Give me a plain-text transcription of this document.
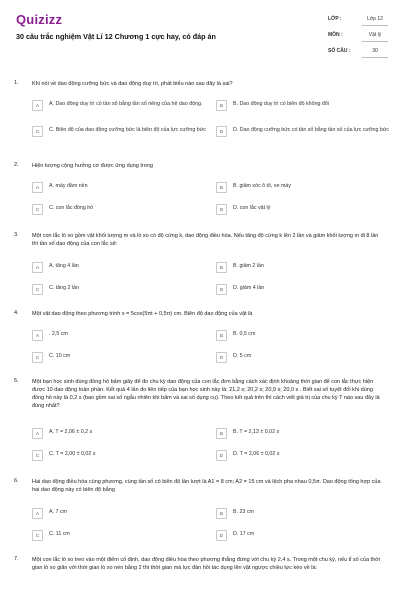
Quizizz
30 câu trắc nghiệm Vật Lí 12 Chương 1 cực hay, có đáp án
LỚP :	Lớp 12
MÔN :	Vật lý
SỐ CÂU :	30
1. Khi nói về dao động cưỡng bức và dao động duy trì, phát biểu nào sau đây là sai?
A	A. Dao động duy trì có tần số bằng tần số riêng của hệ dao động.	B	B. Dao động duy trì có biên độ không đổi
C	C. Biên độ của dao động cưỡng bức là biên độ của lực cưỡng bức	D	D. Dao động cưỡng bức có tần số bằng tần số của lực cưỡng bức
2. Hiện tượng cộng hưởng cơ được ứng dụng trong
A	A. máy đầm nền	B	B. giảm xóc ô tô, xe máy
C	C. con lắc đồng hồ	D	D. con lắc vật lý
3. Một con lắc lò xo gồm vật khối lượng m và lò xo có độ cứng k, dao động điều hòa. Nếu tăng độ cứng k lên 2 lần và giảm khối lượng m đi 8 lần thì tần số dao động của con lắc sẽ:
A	A. tăng 4 lần	B	B. giảm 2 lần
C	C. tăng 2 lần	D	D. giảm 4 lần
4. Một vật dao động theo phương trình x = 5cos(5πt + 0,5π) cm. Biên độ dao động của vật là
A	. 2,5 cm	B	B. 0,5 cm
C	C. 10 cm	D	D. 5 cm
5. Một bạn học sinh dùng đồng hồ bấm giây để đo chu kỳ dao động của con lắc đơn bằng cách xác định khoảng thời gian để con lắc thực hiện được 10 dao động toàn phần. Kết quả 4 lần đo liên tiếp của bạn học sinh này là: 21,2 s; 20,2 s; 20,9 s; 20,0 s . Biết sai số tuyệt đối khi dùng đồng hồ này là 0,2 s (bao gồm sai số ngẫu nhiên khi bấm và sai số dụng cụ). Theo kết quả trên thì cách viết giá trị của chu kỳ T nào sau đây là đúng nhất?
A	A. T = 2,06 ± 0,2 s	B	B. T = 2,13 ± 0,02 s
C	C. T = 2,00 ± 0,02 s	D	D. T = 2,06 ± 0,02 s
6. Hai dao động điều hòa cùng phương, cùng tần số có biên độ lần lượt là A1 = 8 cm; A2 = 15 cm và lệch pha nhau 0,5π. Dao động tổng hợp của hai dao động này có biên độ bằng
A	A. 7 cm	B	B. 23 cm
C	C. 11 cm	D	D. 17 cm
7. Một con lắc lò xo treo vào một điểm cố định, dao động điều hòa theo phương thẳng đứng với chu kỳ 2,4 s. Trong một chu kỳ, nếu tỉ số của thời gian lò xo giãn với thời gian lò xo nén bằng 2 thì thời gian mà lực đàn hồi tác dụng lên vật ngược chiều lực kéo về là:
